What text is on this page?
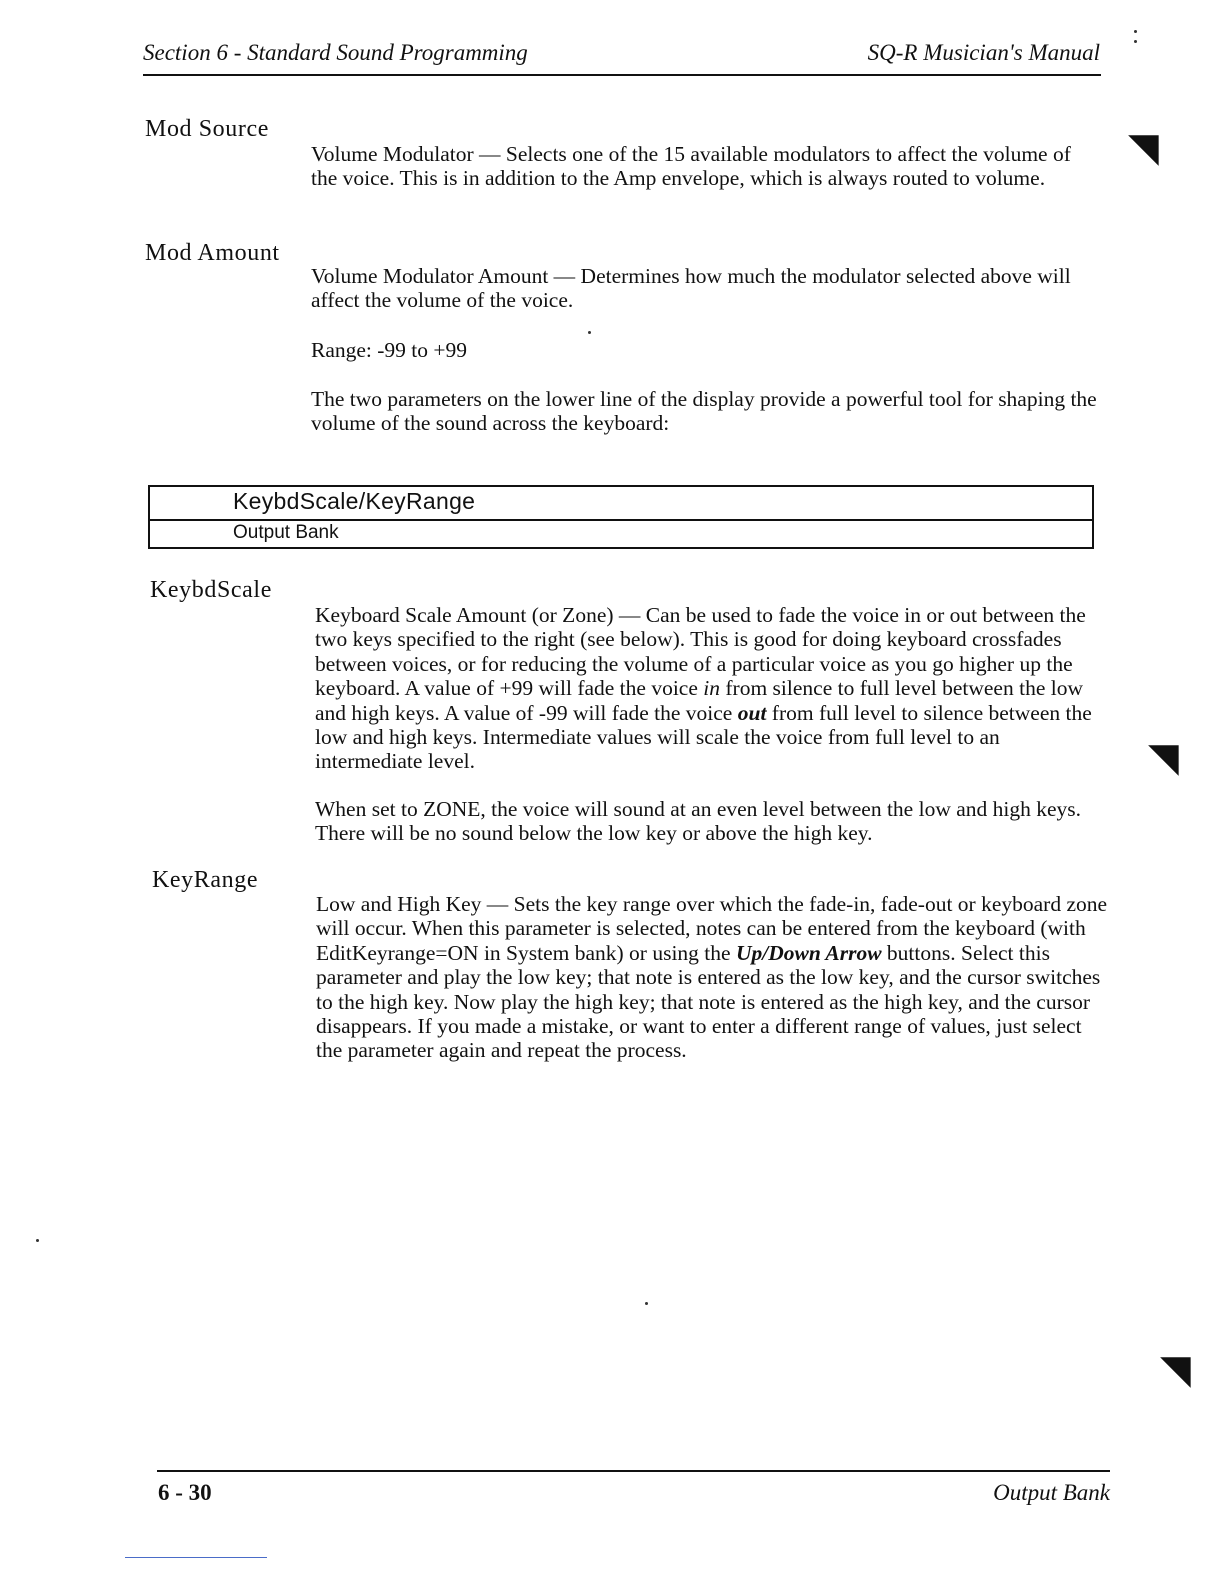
Section 6 - Standard Sound Programming	SQ-R Musician's Manual
Mod Source

Volume Modulator — Selects one of the 15 available modulators to affect the volume of the voice. This is in addition to the Amp envelope, which is always routed to volume.

Mod Amount

Volume Modulator Amount — Determines how much the modulator selected above will affect the volume of the voice.

Range: -99 to +99

The two parameters on the lower line of the display provide a powerful tool for shaping the volume of the sound across the keyboard:

KeybdScale/KeyRange
Output Bank
KeybdScale

Keyboard Scale Amount (or Zone) — Can be used to fade the voice in or out between the two keys specified to the right (see below). This is good for doing keyboard crossfades between voices, or for reducing the volume of a particular voice as you go higher up the keyboard. A value of +99 will fade the voice in from silence to full level between the low and high keys. A value of -99 will fade the voice out from full level to silence between the low and high keys. Intermediate values will scale the voice from full level to an intermediate level.

When set to ZONE, the voice will sound at an even level between the low and high keys. There will be no sound below the low key or above the high key.

KeyRange

Low and High Key — Sets the key range over which the fade-in, fade-out or keyboard zone will occur. When this parameter is selected, notes can be entered from the keyboard (with EditKeyrange=ON in System bank) or using the Up/Down Arrow buttons. Select this parameter and play the low key; that note is entered as the low key, and the cursor switches to the high key. Now play the high key; that note is entered as the high key, and the cursor disappears. If you made a mistake, or want to enter a different range of values, just select the parameter again and repeat the process.

6 - 30	Output Bank
◥
◥
◥
